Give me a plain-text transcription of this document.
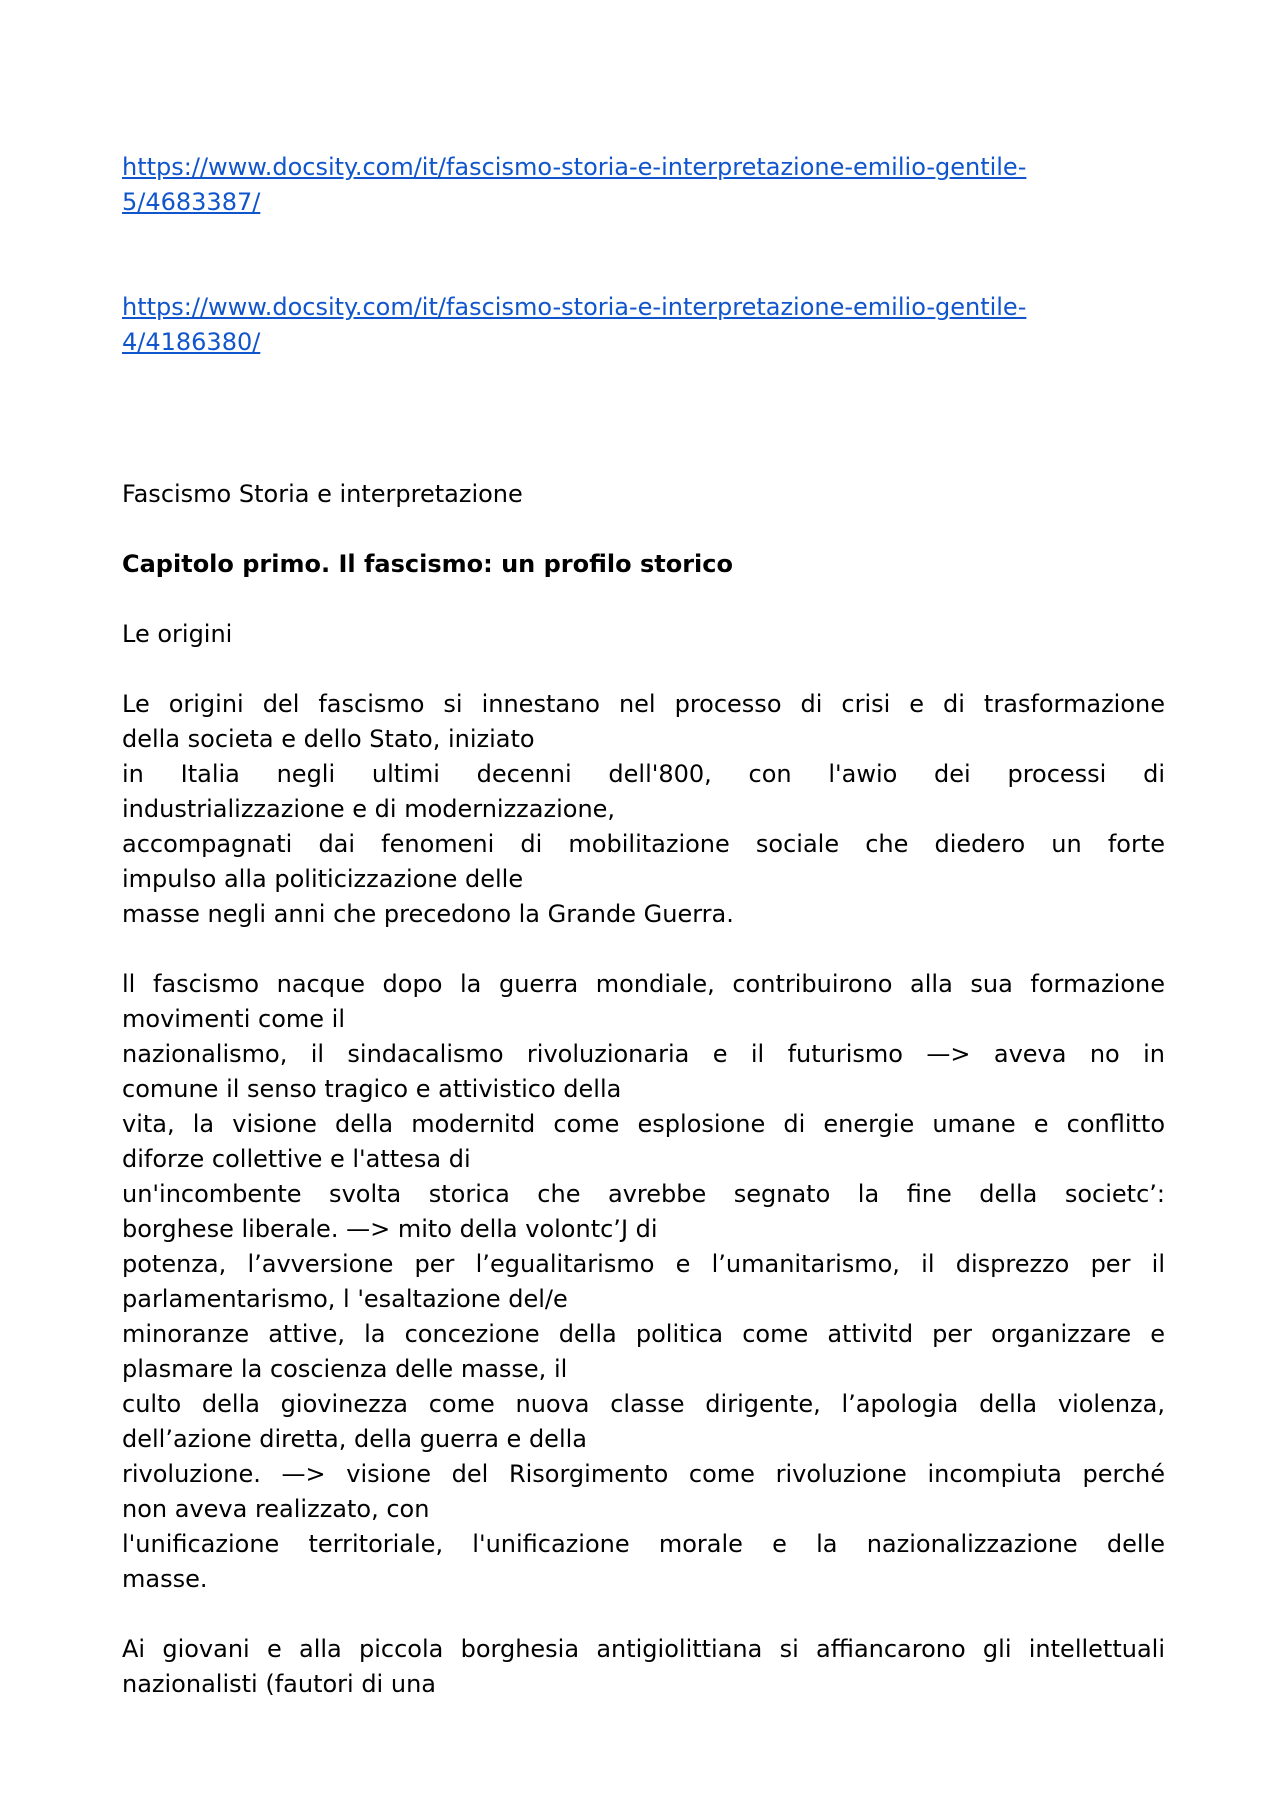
https://www.docsity.com/it/fascismo-storia-e-interpretazione-emilio-gentile-
5/4683387/

https://www.docsity.com/it/fascismo-storia-e-interpretazione-emilio-gentile-
4/4186380/

Fascismo Storia e interpretazione

Capitolo primo. Il fascismo: un profilo storico

Le origini

Le origini del fascismo si innestano nel processo di crisi e di trasformazione
della societa e dello Stato, iniziato
in Italia negli ultimi decenni dell'800, con l'awio dei processi di
industrializzazione e di modernizzazione,
accompagnati dai fenomeni di mobilitazione sociale che diedero un forte
impulso alla politicizzazione delle
masse negli anni che precedono la Grande Guerra.
ll fascismo nacque dopo la guerra mondiale, contribuirono alla sua formazione
movimenti come il
nazionalismo, il sindacalismo rivoluzionaria e il futurismo —> aveva no in
comune il senso tragico e attivistico della
vita, la visione della modernitd come esplosione di energie umane e conflitto
diforze collettive e l'attesa di
un'incombente svolta storica che avrebbe segnato la fine della societc’:
borghese liberale. —> mito della volontc’J di
potenza, l’avversione per l’egualitarismo e l’umanitarismo, il disprezzo per il
parlamentarismo, l 'esaltazione del/e
minoranze attive, la concezione della politica come attivitd per organizzare e
plasmare la coscienza delle masse, il
culto della giovinezza come nuova classe dirigente, l’apologia della violenza,
dell’azione diretta, della guerra e della
rivoluzione. —> visione del Risorgimento come rivoluzione incompiuta perché
non aveva realizzato, con
l'unificazione territoriale, l'unificazione morale e la nazionalizzazione delle
masse.
Ai giovani e alla piccola borghesia antigiolittiana si affiancarono gli intellettuali
nazionalisti (fautori di una
